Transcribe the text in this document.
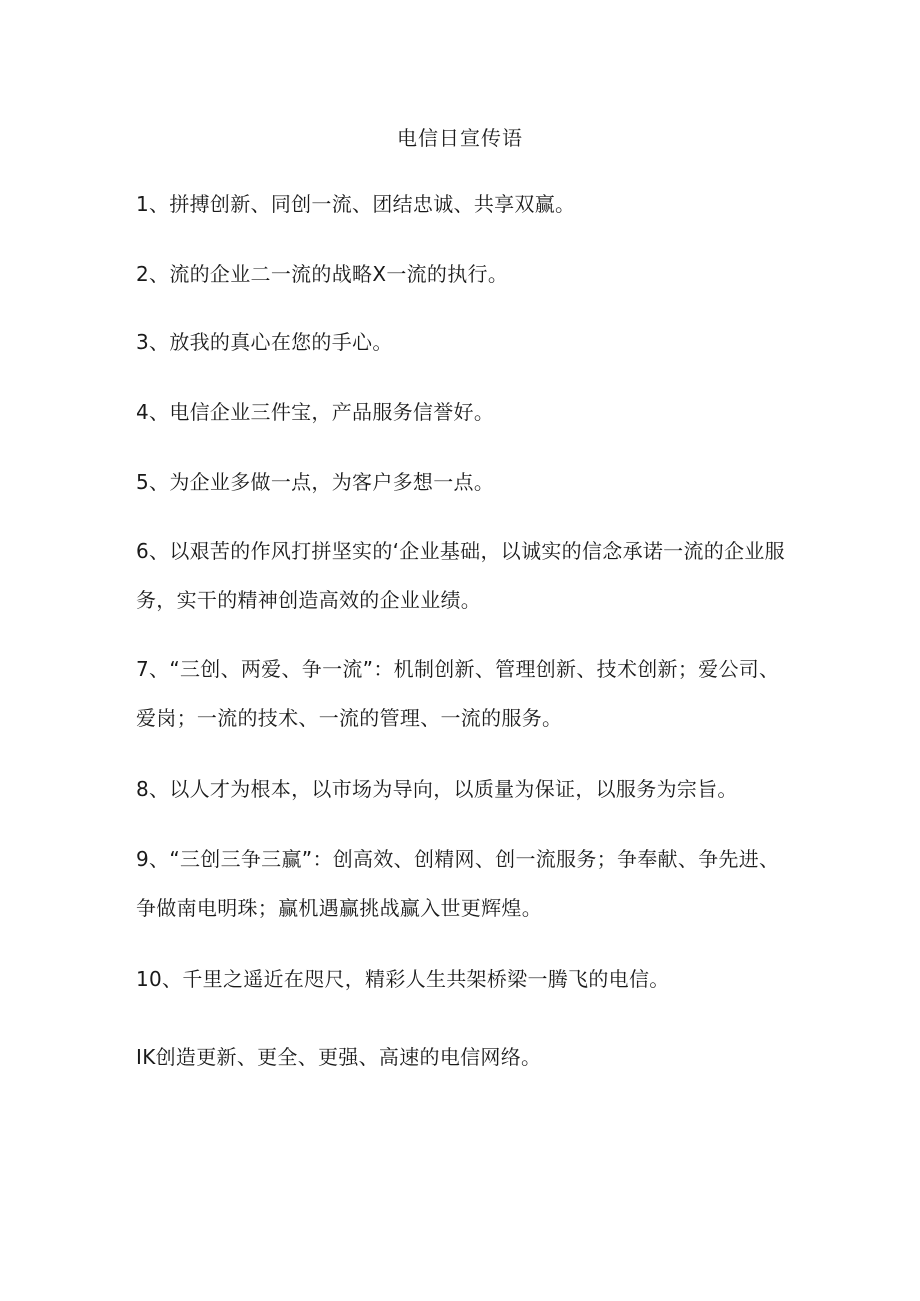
电信日宣传语
1、拼搏创新、同创一流、团结忠诚、共享双赢。
2、流的企业二一流的战略X一流的执行。
3、放我的真心在您的手心。
4、电信企业三件宝，产品服务信誉好。
5、为企业多做一点，为客户多想一点。
6、以艰苦的作风打拼坚实的‘企业基础，以诚实的信念承诺一流的企业服务，实干的精神创造高效的企业业绩。
7、“三创、两爱、争一流”：机制创新、管理创新、技术创新；爱公司、爱岗；一流的技术、一流的管理、一流的服务。
8、以人才为根本，以市场为导向，以质量为保证，以服务为宗旨。
9、“三创三争三赢”：创高效、创精网、创一流服务；争奉献、争先进、争做南电明珠；赢机遇赢挑战赢入世更辉煌。
10、千里之遥近在咫尺，精彩人生共架桥梁一腾飞的电信。
IK创造更新、更全、更强、高速的电信网络。
